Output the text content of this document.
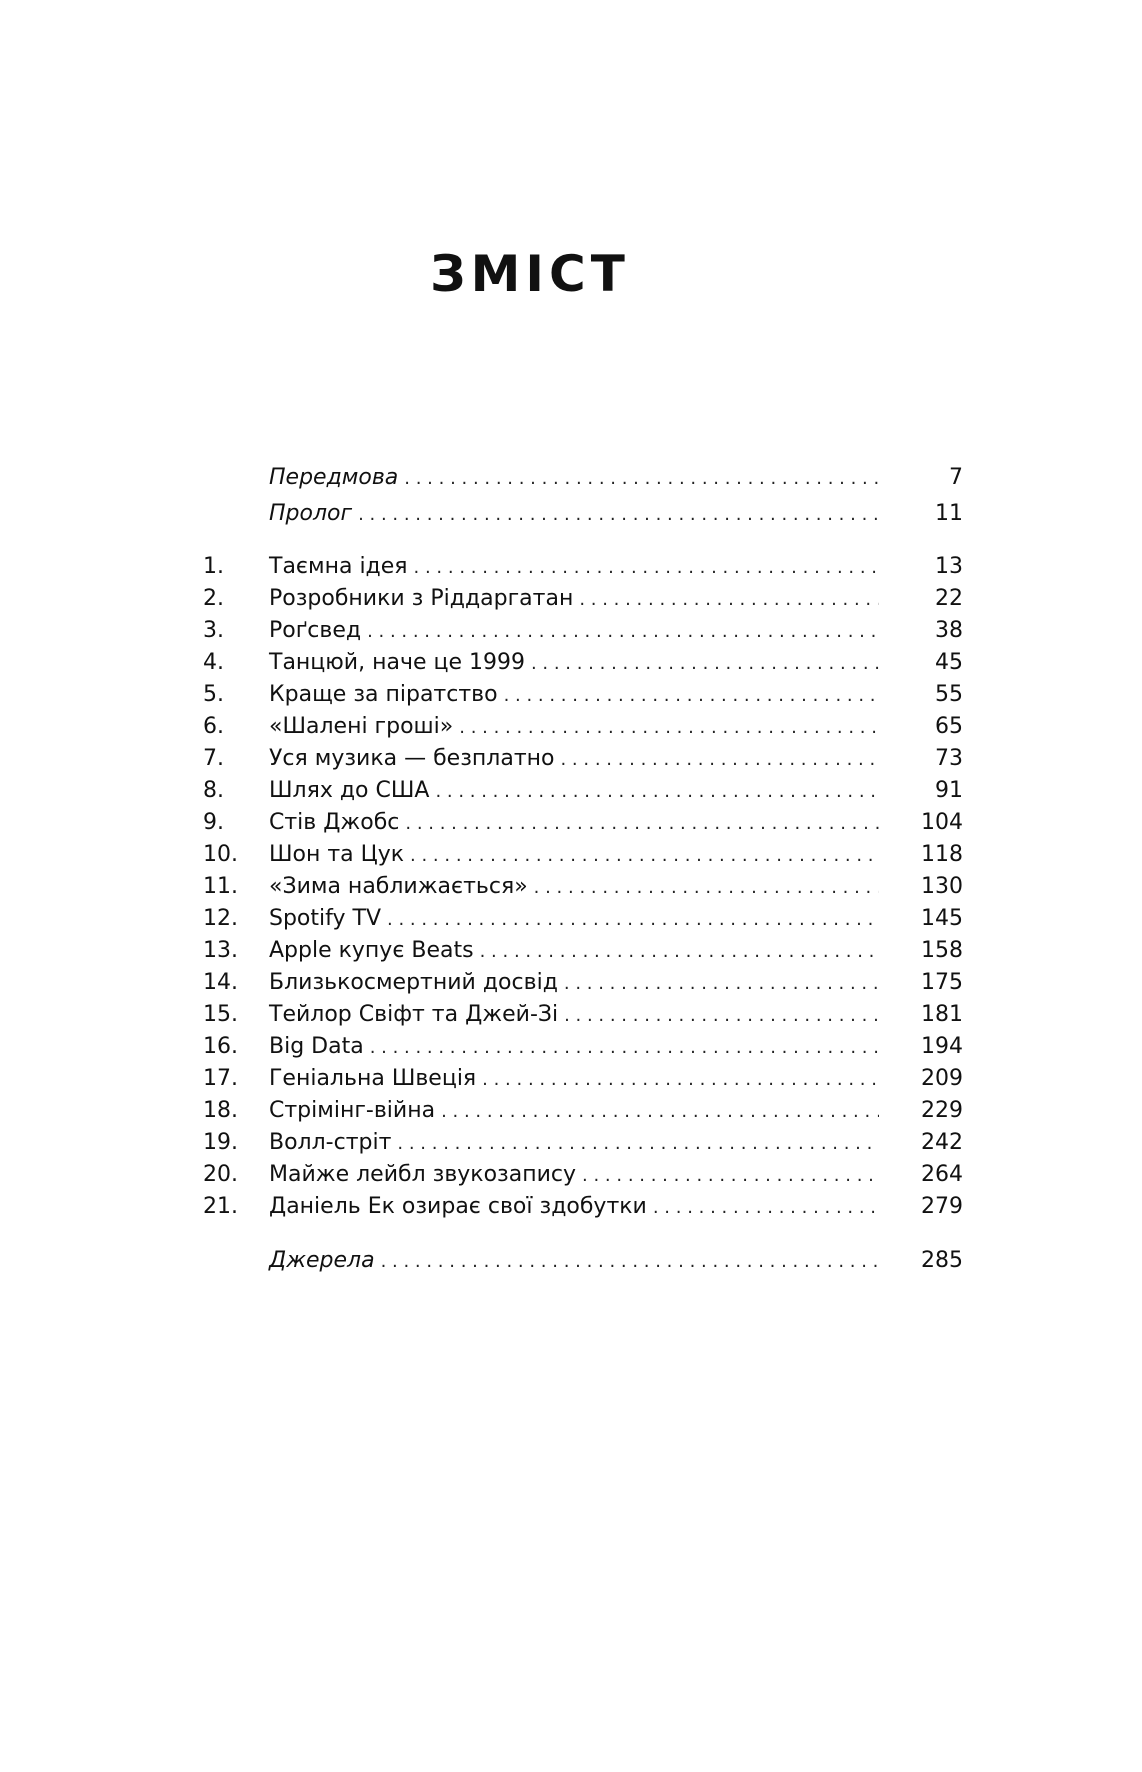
ЗМІСТ
Передмова . . .	7
Пролог . . .	11
1.	Таємна ідея . . .	13
2.	Розробники з Ріддаргатан . . .	22
3.	Роґсвед . . .	38
4.	Танцюй, наче це 1999 . . .	45
5.	Краще за піратство . . .	55
6.	«Шалені гроші» . . .	65
7.	Уся музика — безплатно . . .	73
8.	Шлях до США . . .	91
9.	Стів Джобс . . .	104
10.	Шон та Цук . . .	118
11.	«Зима наближається» . . .	130
12.	Spotify TV . . .	145
13.	Apple купує Beats . . .	158
14.	Близькосмертний досвід . . .	175
15.	Тейлор Свіфт та Джей-Зі . . .	181
16.	Big Data . . .	194
17.	Геніальна Швеція . . .	209
18.	Стрімінг-війна . . .	229
19.	Волл-стріт . . .	242
20.	Майже лейбл звукозапису . . .	264
21.	Даніель Ек озирає свої здобутки . . .	279
Джерела . . .	285
